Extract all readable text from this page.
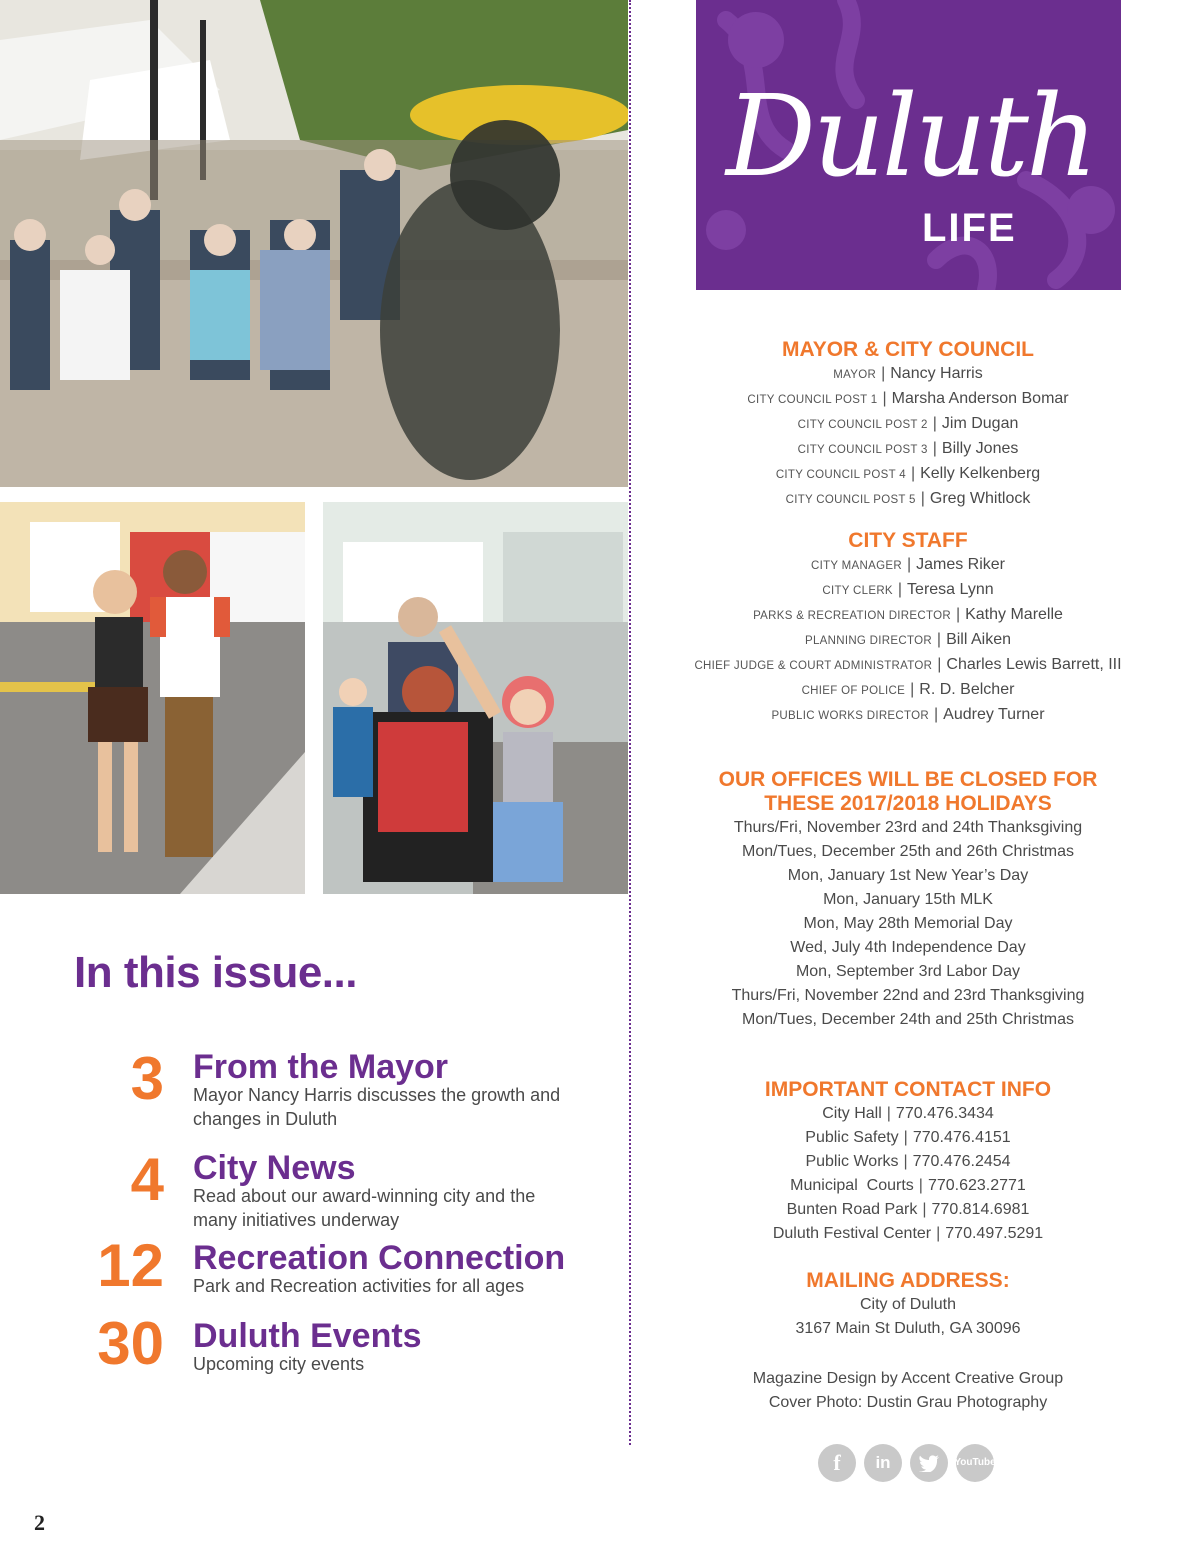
In this issue...
3 From the Mayor
Mayor Nancy Harris discusses the growth and changes in Duluth
4 City News
Read about our award-winning city and the many initiatives underway
12 Recreation Connection
Park and Recreation activities for all ages
30 Duluth Events
Upcoming city events
2
Duluth
LIFE
MAYOR & CITY COUNCIL
MAYOR | Nancy Harris
CITY COUNCIL POST 1 | Marsha Anderson Bomar
CITY COUNCIL POST 2 | Jim Dugan
CITY COUNCIL POST 3 | Billy Jones
CITY COUNCIL POST 4 | Kelly Kelkenberg
CITY COUNCIL POST 5 | Greg Whitlock
CITY STAFF
CITY MANAGER | James Riker
CITY CLERK | Teresa Lynn
PARKS & RECREATION DIRECTOR | Kathy Marelle
PLANNING DIRECTOR | Bill Aiken
CHIEF JUDGE & COURT ADMINISTRATOR | Charles Lewis Barrett, III
CHIEF OF POLICE | R. D. Belcher
PUBLIC WORKS DIRECTOR | Audrey Turner
OUR OFFICES WILL BE CLOSED FOR
THESE 2017/2018 HOLIDAYS
Thurs/Fri, November 23rd and 24th Thanksgiving
Mon/Tues, December 25th and 26th Christmas
Mon, January 1st New Year’s Day
Mon, January 15th MLK
Mon, May 28th Memorial Day
Wed, July 4th Independence Day
Mon, September 3rd Labor Day
Thurs/Fri, November 22nd and 23rd Thanksgiving
Mon/Tues, December 24th and 25th Christmas
IMPORTANT CONTACT INFO
City Hall | 770.476.3434
Public Safety | 770.476.4151
Public Works | 770.476.2454
Municipal  Courts | 770.623.2771
Bunten Road Park | 770.814.6981
Duluth Festival Center | 770.497.5291
MAILING ADDRESS:
City of Duluth
3167 Main St Duluth, GA 30096
Magazine Design by Accent Creative Group
Cover Photo: Dustin Grau Photography
f	in	You Tube
